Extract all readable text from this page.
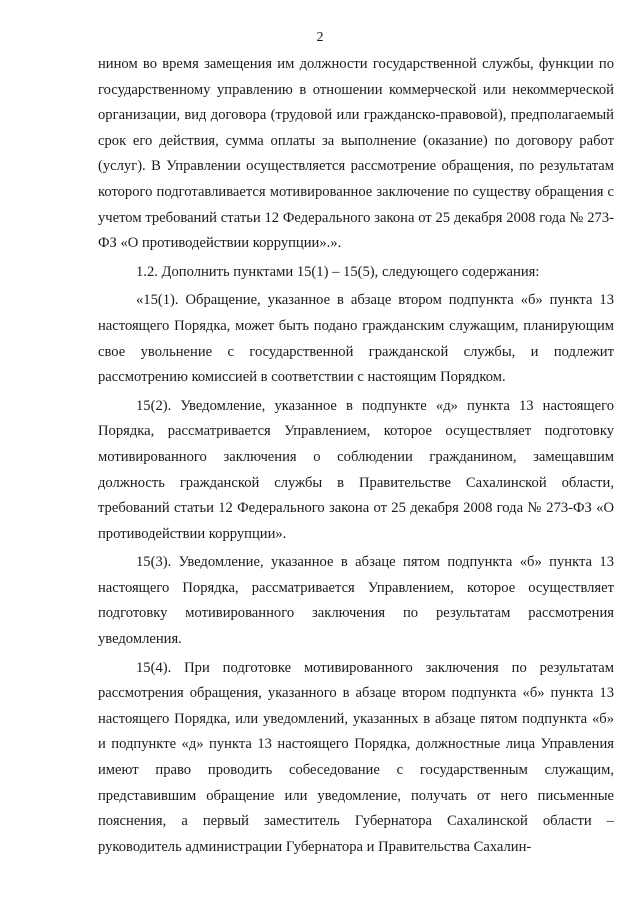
2

нином во время замещения им должности государственной службы, функции по государственному управлению в отношении коммерческой или некоммерческой организации, вид договора (трудовой или гражданско-правовой), предполагаемый срок его действия, сумма оплаты за выполнение (оказание) по договору работ (услуг). В Управлении осуществляется рассмотрение обращения, по результатам которого подготавливается мотивированное заключение по существу обращения с учетом требований статьи 12 Федерального закона от 25 декабря 2008 года № 273-ФЗ «О противодействии коррупции».».

1.2. Дополнить пунктами 15(1) – 15(5), следующего содержания:

«15(1). Обращение, указанное в абзаце втором подпункта «б» пункта 13 настоящего Порядка, может быть подано гражданским служащим, планирующим свое увольнение с государственной гражданской службы, и подлежит рассмотрению комиссией в соответствии с настоящим Порядком.

15(2). Уведомление, указанное в подпункте «д» пункта 13 настоящего Порядка, рассматривается Управлением, которое осуществляет подготовку мотивированного заключения о соблюдении гражданином, замещавшим должность гражданской службы в Правительстве Сахалинской области, требований статьи 12 Федерального закона от 25 декабря 2008 года № 273-ФЗ «О противодействии коррупции».

15(3). Уведомление, указанное в абзаце пятом подпункта «б» пункта 13 настоящего Порядка, рассматривается Управлением, которое осуществляет подготовку мотивированного заключения по результатам рассмотрения уведомления.

15(4). При подготовке мотивированного заключения по результатам рассмотрения обращения, указанного в абзаце втором подпункта «б» пункта 13 настоящего Порядка, или уведомлений, указанных в абзаце пятом подпункта «б» и подпункте «д» пункта 13 настоящего Порядка, должностные лица Управления имеют право проводить собеседование с государственным служащим, представившим обращение или уведомление, получать от него письменные пояснения, а первый заместитель Губернатора Сахалинской области – руководитель администрации Губернатора и Правительства Сахалин-
